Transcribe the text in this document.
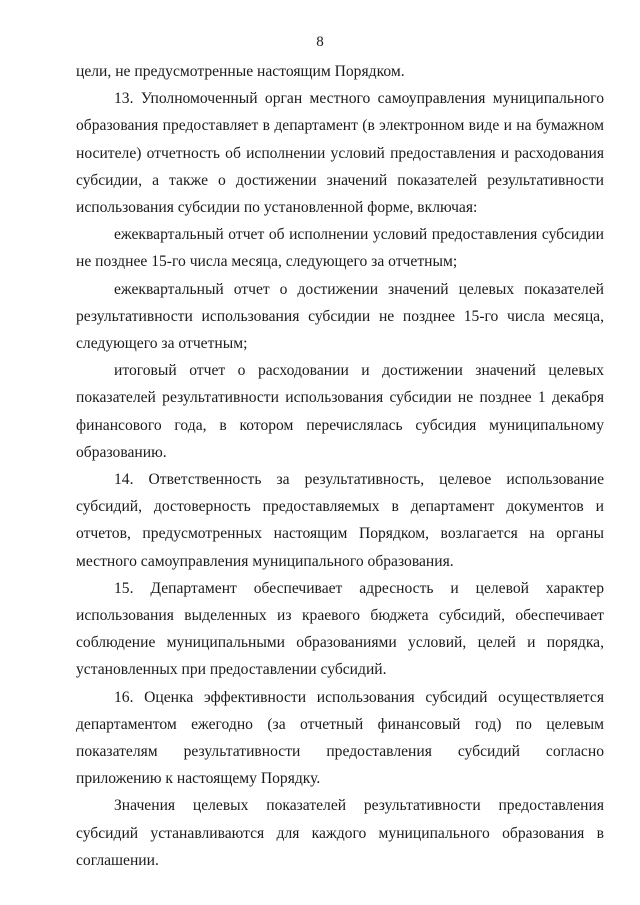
8

цели, не предусмотренные настоящим Порядком.

13. Уполномоченный орган местного самоуправления муниципального образования предоставляет в департамент (в электронном виде и на бумажном носителе) отчетность об исполнении условий предоставления и расходования субсидии, а также о достижении значений показателей результативности использования субсидии по установленной форме, включая:

ежеквартальный отчет об исполнении условий предоставления субсидии не позднее 15-го числа месяца, следующего за отчетным;

ежеквартальный отчет о достижении значений целевых показателей результативности использования субсидии не позднее 15-го числа месяца, следующего за отчетным;

итоговый отчет о расходовании и достижении значений целевых показателей результативности использования субсидии не позднее 1 декабря финансового года, в котором перечислялась субсидия муниципальному образованию.

14. Ответственность за результативность, целевое использование субсидий, достоверность предоставляемых в департамент документов и отчетов, предусмотренных настоящим Порядком, возлагается на органы местного самоуправления муниципального образования.

15. Департамент обеспечивает адресность и целевой характер использования выделенных из краевого бюджета субсидий, обеспечивает соблюдение муниципальными образованиями условий, целей и порядка, установленных при предоставлении субсидий.

16. Оценка эффективности использования субсидий осуществляется департаментом ежегодно (за отчетный финансовый год) по целевым показателям результативности предоставления субсидий согласно приложению к настоящему Порядку.

Значения целевых показателей результативности предоставления субсидий устанавливаются для каждого муниципального образования в соглашении.
